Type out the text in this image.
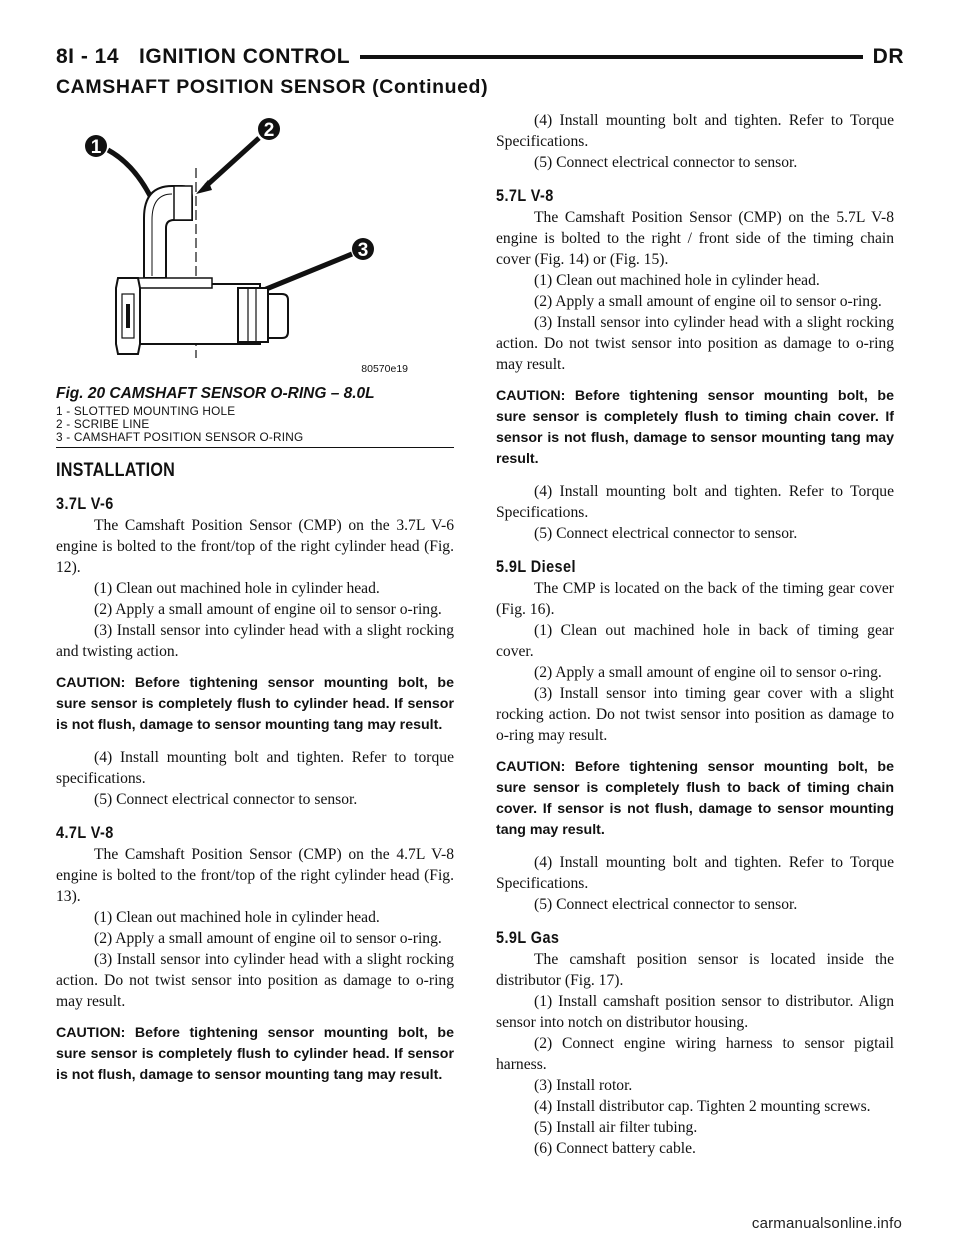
8I - 14 IGNITION CONTROL	DR
CAMSHAFT POSITION SENSOR (Continued)
1
2
3
80570e19
Fig. 20 CAMSHAFT SENSOR O-RING – 8.0L
1 - SLOTTED MOUNTING HOLE
2 - SCRIBE LINE
3 - CAMSHAFT POSITION SENSOR O-RING
INSTALLATION
3.7L V-6

The Camshaft Position Sensor (CMP) on the 3.7L V-6 engine is bolted to the front/top of the right cylinder head (Fig. 12).

(1) Clean out machined hole in cylinder head.

(2) Apply a small amount of engine oil to sensor o-ring.

(3) Install sensor into cylinder head with a slight rocking and twisting action.

CAUTION: Before tightening sensor mounting bolt, be sure sensor is completely flush to cylinder head. If sensor is not flush, damage to sensor mounting tang may result.

(4) Install mounting bolt and tighten. Refer to torque specifications.

(5) Connect electrical connector to sensor.

4.7L V-8

The Camshaft Position Sensor (CMP) on the 4.7L V-8 engine is bolted to the front/top of the right cylinder head (Fig. 13).

(1) Clean out machined hole in cylinder head.

(2) Apply a small amount of engine oil to sensor o-ring.

(3) Install sensor into cylinder head with a slight rocking action. Do not twist sensor into position as damage to o-ring may result.

CAUTION: Before tightening sensor mounting bolt, be sure sensor is completely flush to cylinder head. If sensor is not flush, damage to sensor mounting tang may result.

(4) Install mounting bolt and tighten. Refer to Torque Specifications.

(5) Connect electrical connector to sensor.

5.7L V-8

The Camshaft Position Sensor (CMP) on the 5.7L V-8 engine is bolted to the right / front side of the timing chain cover (Fig. 14) or (Fig. 15).

(1) Clean out machined hole in cylinder head.

(2) Apply a small amount of engine oil to sensor o-ring.

(3) Install sensor into cylinder head with a slight rocking action. Do not twist sensor into position as damage to o-ring may result.

CAUTION: Before tightening sensor mounting bolt, be sure sensor is completely flush to timing chain cover. If sensor is not flush, damage to sensor mounting tang may result.

(4) Install mounting bolt and tighten. Refer to Torque Specifications.

(5) Connect electrical connector to sensor.

5.9L Diesel

The CMP is located on the back of the timing gear cover (Fig. 16).

(1) Clean out machined hole in back of timing gear cover.

(2) Apply a small amount of engine oil to sensor o-ring.

(3) Install sensor into timing gear cover with a slight rocking action. Do not twist sensor into position as damage to o-ring may result.

CAUTION: Before tightening sensor mounting bolt, be sure sensor is completely flush to back of timing chain cover. If sensor is not flush, damage to sensor mounting tang may result.

(4) Install mounting bolt and tighten. Refer to Torque Specifications.

(5) Connect electrical connector to sensor.

5.9L Gas

The camshaft position sensor is located inside the distributor (Fig. 17).

(1) Install camshaft position sensor to distributor. Align sensor into notch on distributor housing.

(2) Connect engine wiring harness to sensor pigtail harness.

(3) Install rotor.

(4) Install distributor cap. Tighten 2 mounting screws.

(5) Install air filter tubing.

(6) Connect battery cable.

carmanualsonline.info
